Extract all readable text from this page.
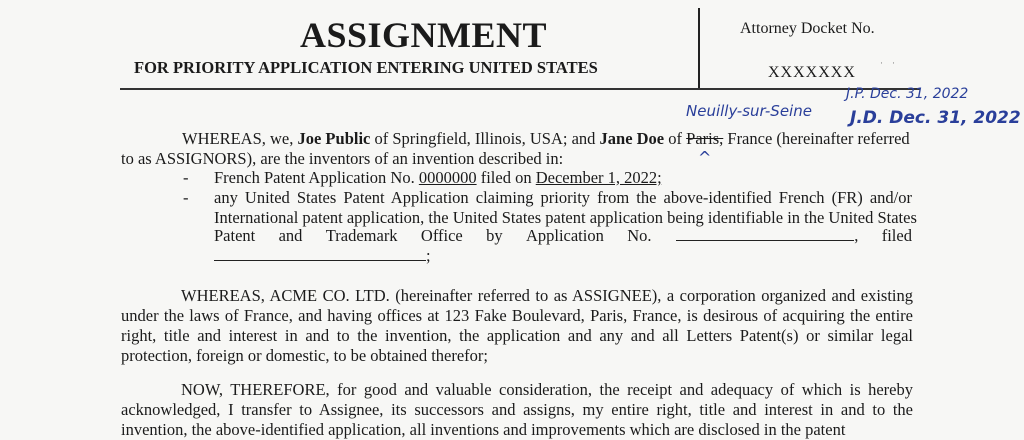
ASSIGNMENT
FOR PRIORITY APPLICATION ENTERING UNITED STATES
Attorney Docket No.
XXXXXXX
·    ·
Neuilly-sur-Seine
J.P. Dec. 31, 2022
J.D. Dec. 31, 2022
^
WHEREAS, we, Joe Public of Springfield, Illinois, USA; and Jane Doe of Paris, France (hereinafter referred
to as ASSIGNORS), are the inventors of an invention described in:
- French Patent Application No. 0000000 filed on December 1, 2022;
- any United States Patent Application claiming priority from the above-identified French (FR) and/or
International patent application, the United States patent application being identifiable in the United States
Patent and Trademark Office by Application No.	, filed
;
WHEREAS, ACME CO. LTD. (hereinafter referred to as ASSIGNEE), a corporation organized and existing under the laws of France, and having offices at 123 Fake Boulevard, Paris, France, is desirous of acquiring the entire right, title and interest in and to the invention, the application and any and all Letters Patent(s) or similar legal protection, foreign or domestic, to be obtained therefor;
NOW, THEREFORE, for good and valuable consideration, the receipt and adequacy of which is hereby acknowledged, I transfer to Assignee, its successors and assigns, my entire right, title and interest in and to the invention, the above-identified application, all inventions and improvements which are disclosed in the patent
